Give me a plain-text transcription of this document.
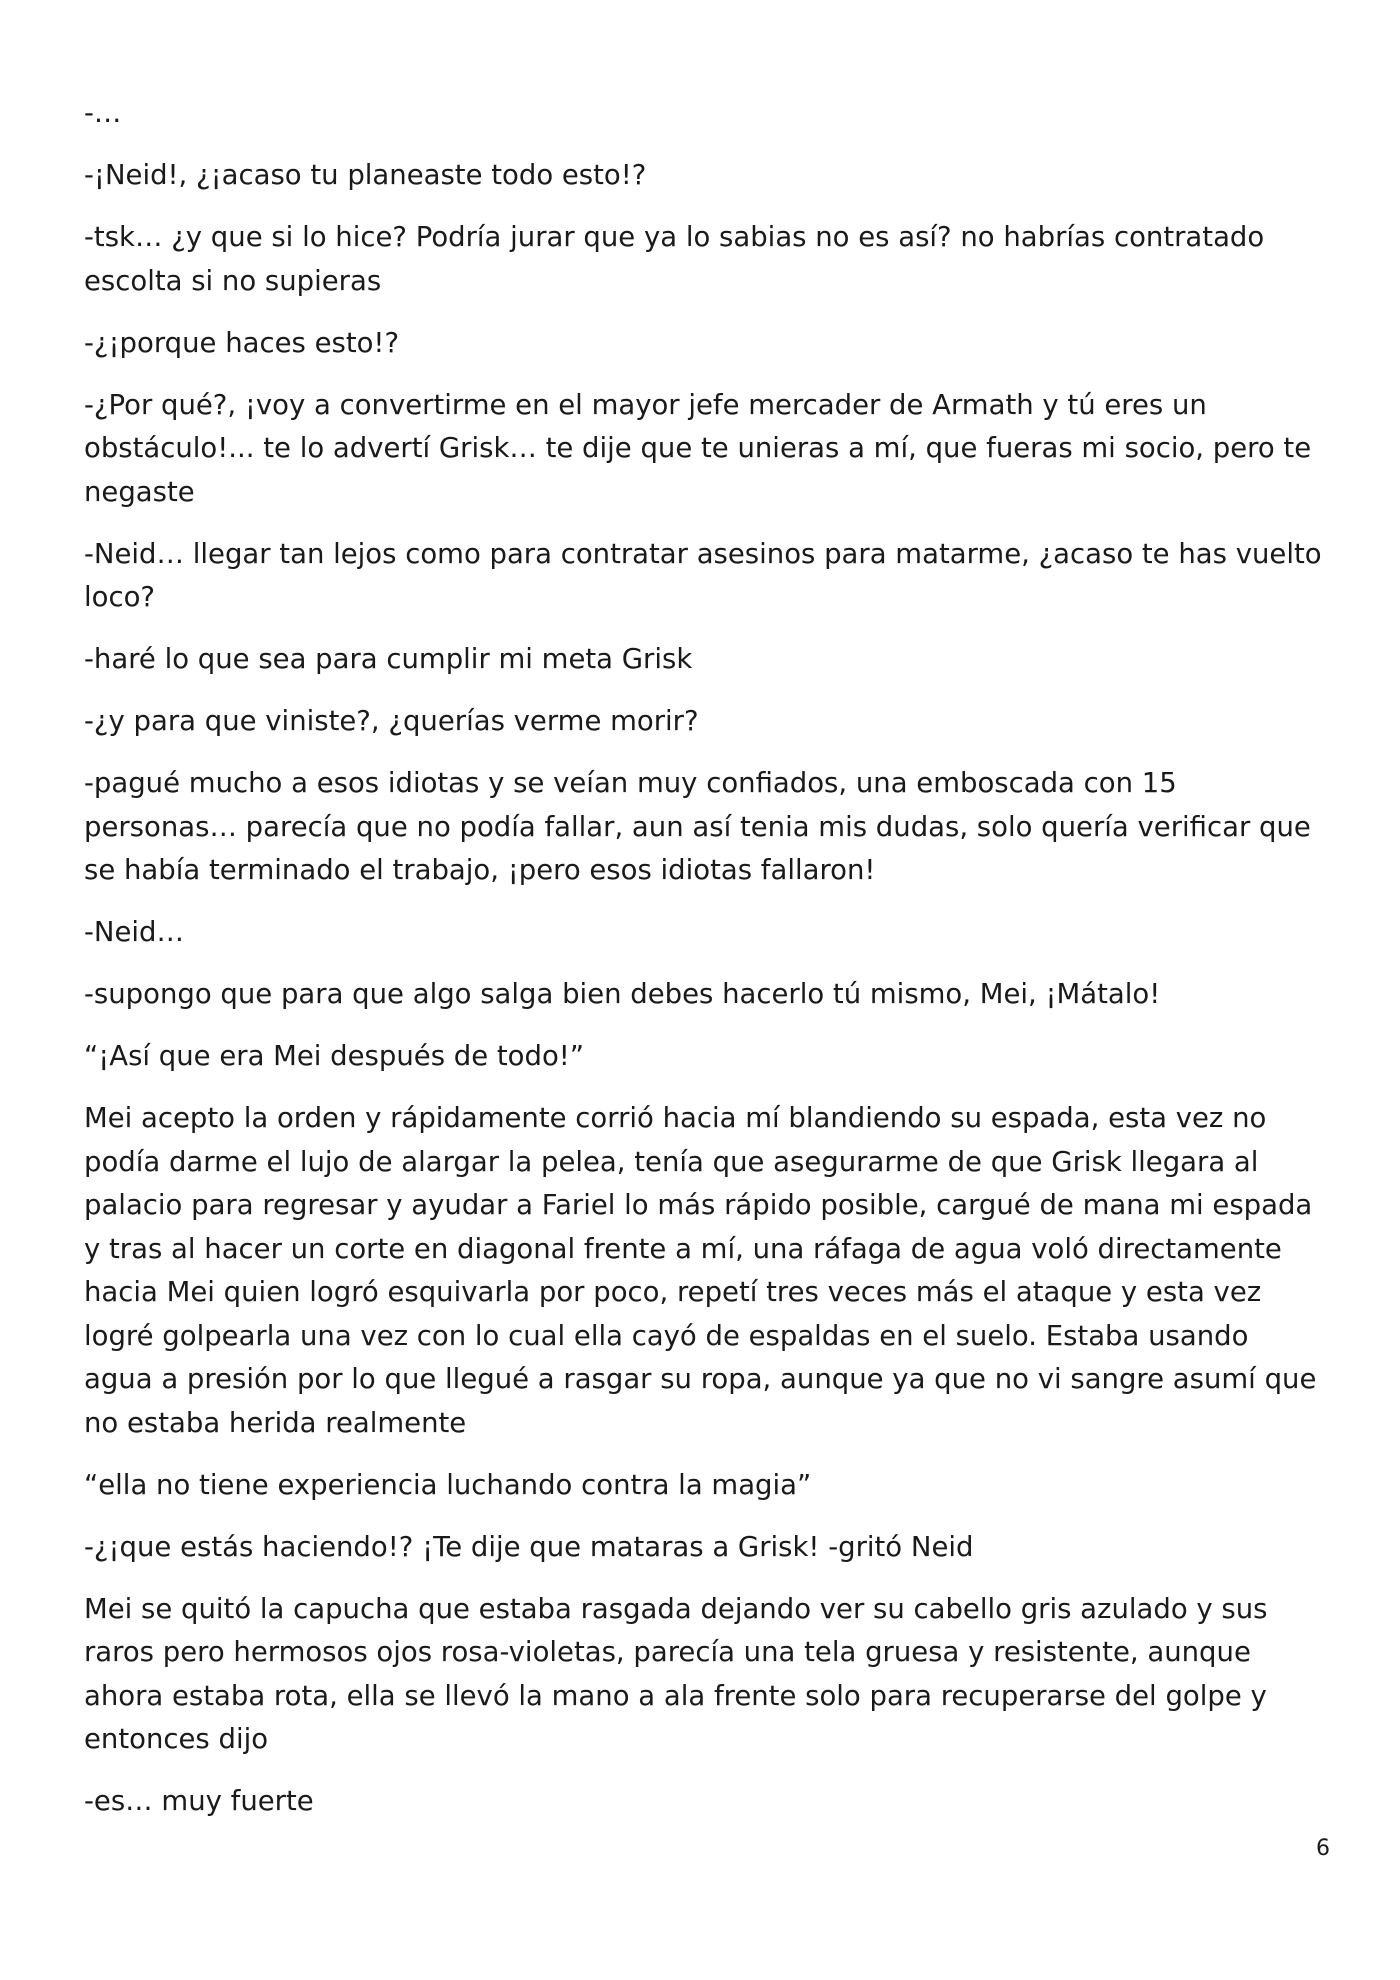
-…

-¡Neid!, ¿¡acaso tu planeaste todo esto!?

-tsk… ¿y que si lo hice? Podría jurar que ya lo sabias no es así? no habrías contratado escolta si no supieras

-¿¡porque haces esto!?

-¿Por qué?, ¡voy a convertirme en el mayor jefe mercader de Armath y tú eres un obstáculo!... te lo advertí Grisk… te dije que te unieras a mí, que fueras mi socio, pero te negaste

-Neid… llegar tan lejos como para contratar asesinos para matarme, ¿acaso te has vuelto loco?

-haré lo que sea para cumplir mi meta Grisk

-¿y para que viniste?, ¿querías verme morir?

-pagué mucho a esos idiotas y se veían muy confiados, una emboscada con 15 personas… parecía que no podía fallar, aun así tenia mis dudas, solo quería verificar que se había terminado el trabajo, ¡pero esos idiotas fallaron!

-Neid…

-supongo que para que algo salga bien debes hacerlo tú mismo, Mei, ¡Mátalo!

“¡Así que era Mei después de todo!”

Mei acepto la orden y rápidamente corrió hacia mí blandiendo su espada, esta vez no podía darme el lujo de alargar la pelea, tenía que asegurarme de que Grisk llegara al palacio para regresar y ayudar a Fariel lo más rápido posible, cargué de mana mi espada y tras al hacer un corte en diagonal frente a mí, una ráfaga de agua voló directamente hacia Mei quien logró esquivarla por poco, repetí tres veces más el ataque y esta vez logré golpearla una vez con lo cual ella cayó de espaldas en el suelo. Estaba usando agua a presión por lo que llegué a rasgar su ropa, aunque ya que no vi sangre asumí que no estaba herida realmente

“ella no tiene experiencia luchando contra la magia”

-¿¡que estás haciendo!? ¡Te dije que mataras a Grisk! -gritó Neid

Mei se quitó la capucha que estaba rasgada dejando ver su cabello gris azulado y sus raros pero hermosos ojos rosa-violetas, parecía una tela gruesa y resistente, aunque ahora estaba rota, ella se llevó la mano a ala frente solo para recuperarse del golpe y entonces dijo

-es… muy fuerte

6
